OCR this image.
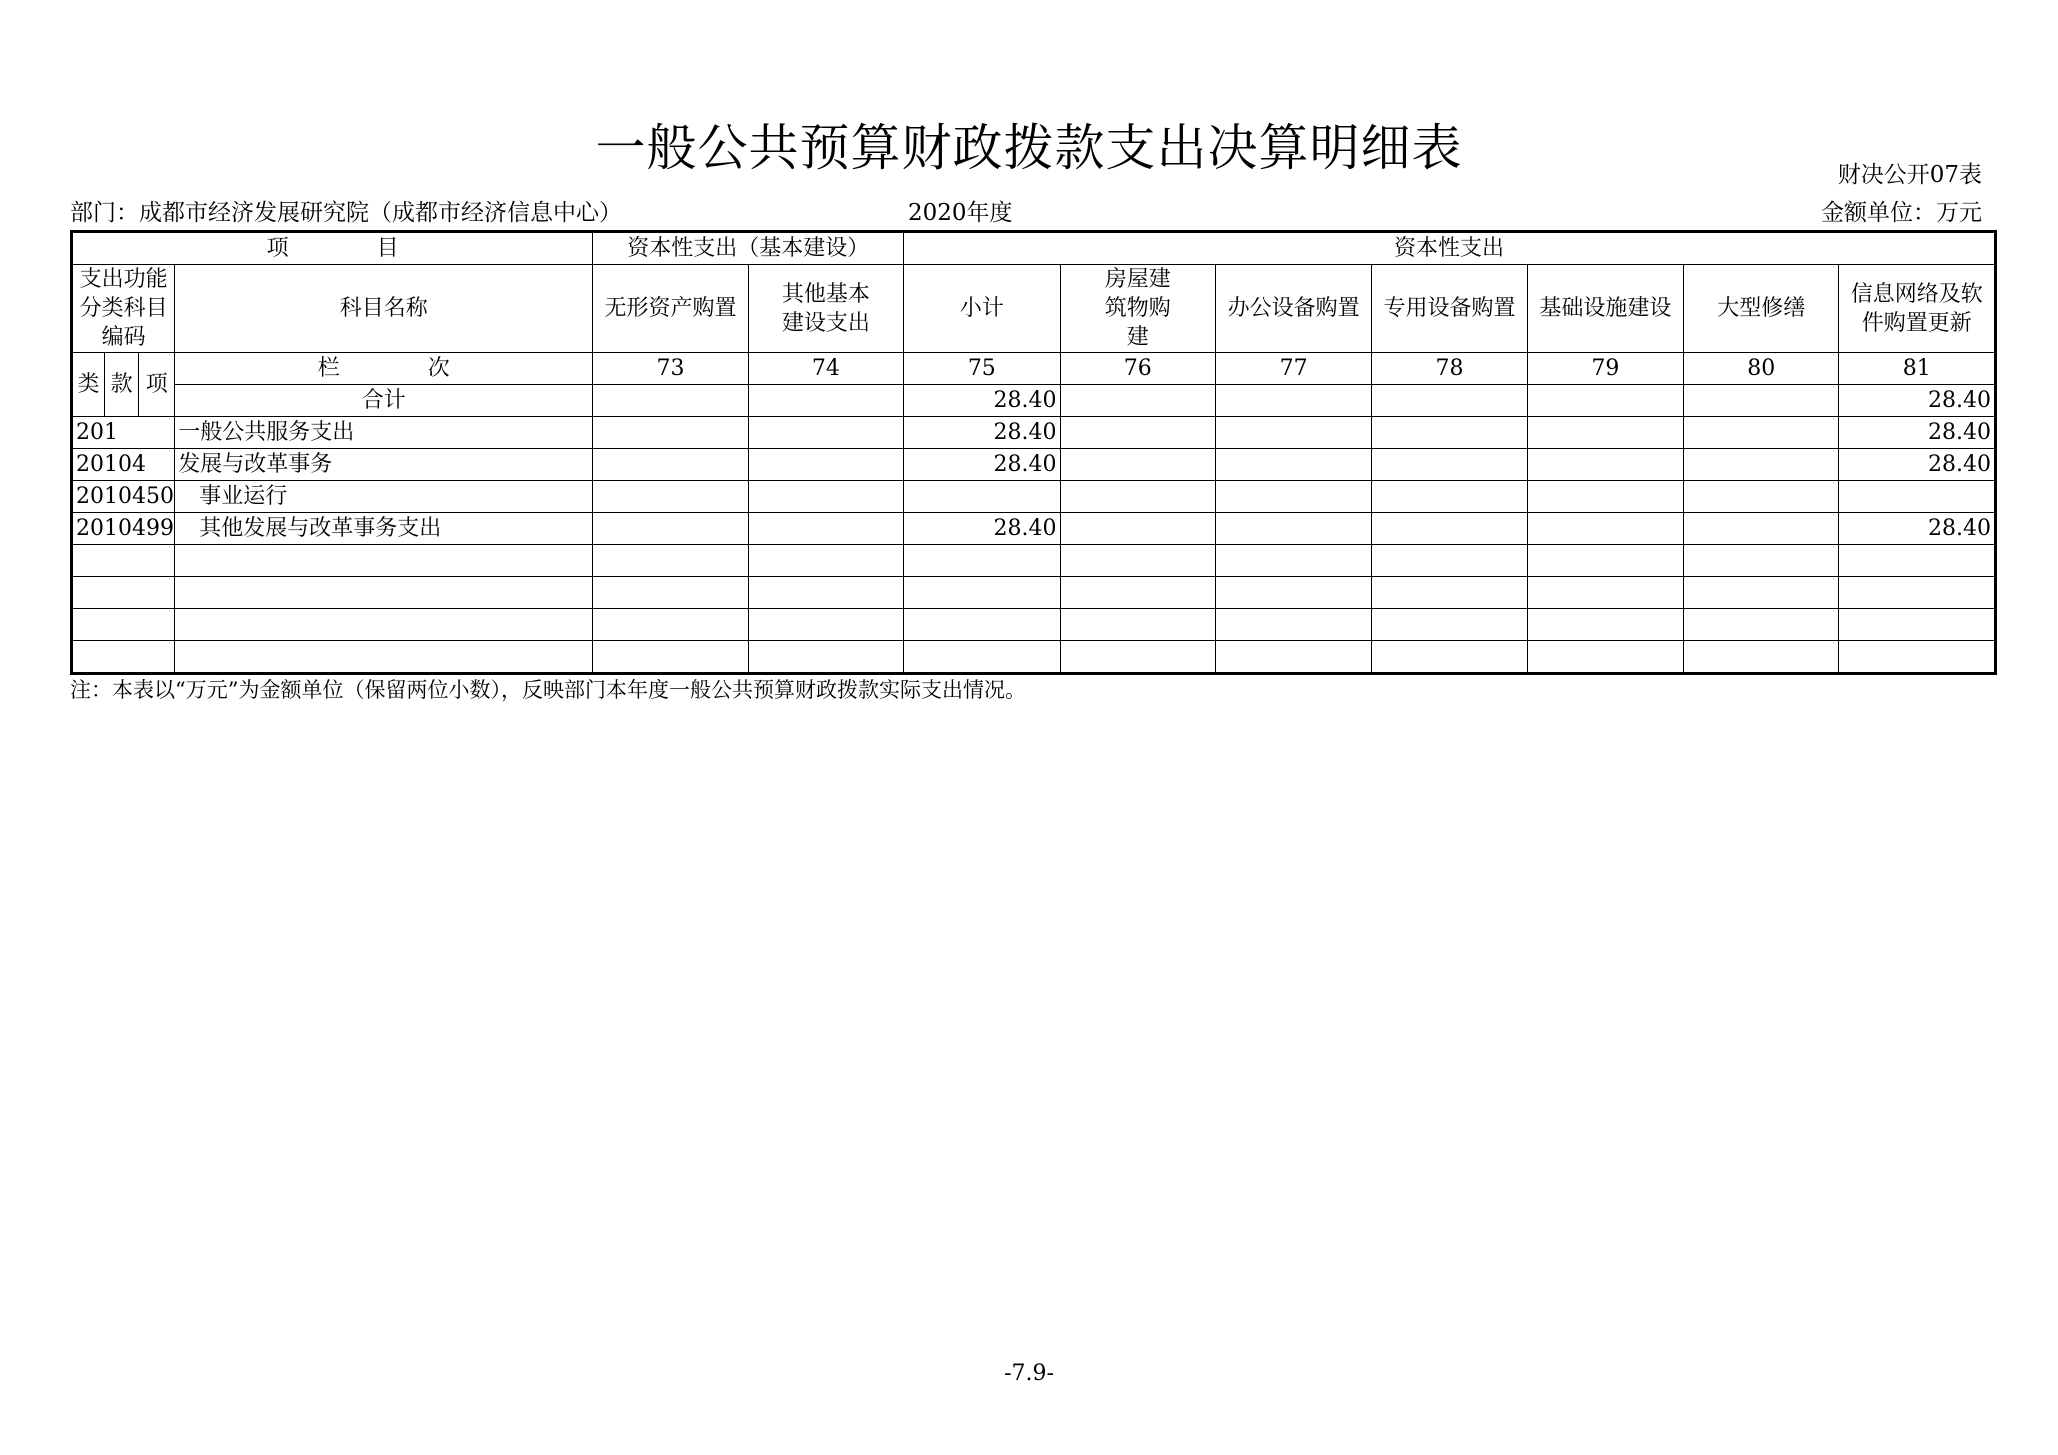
一般公共预算财政拨款支出决算明细表	财决公开07表
部门：成都市经济发展研究院（成都市经济信息中心）	2020年度	金额单位：万元
项　　　　目				资本性支出（基本建设）		资本性支出						
支出功能分类科目编码			科目名称	无形资产购置	其他基本建设支出	小计	房屋建筑物购建	办公设备购置	专用设备购置	基础设施建设	大型修缮	信息网络及软件购置更新
类	款	项	栏　　　　次	73	74	75	76	77	78	79	80	81
			合计			28.40						28.40
201			一般公共服务支出			28.40						28.40
20104			发展与改革事务			28.40						28.40
2010450			事业运行									
2010499			其他发展与改革事务支出			28.40						28.40

注：本表以“万元”为金额单位（保留两位小数），反映部门本年度一般公共预算财政拨款实际支出情况。
-7.9-
